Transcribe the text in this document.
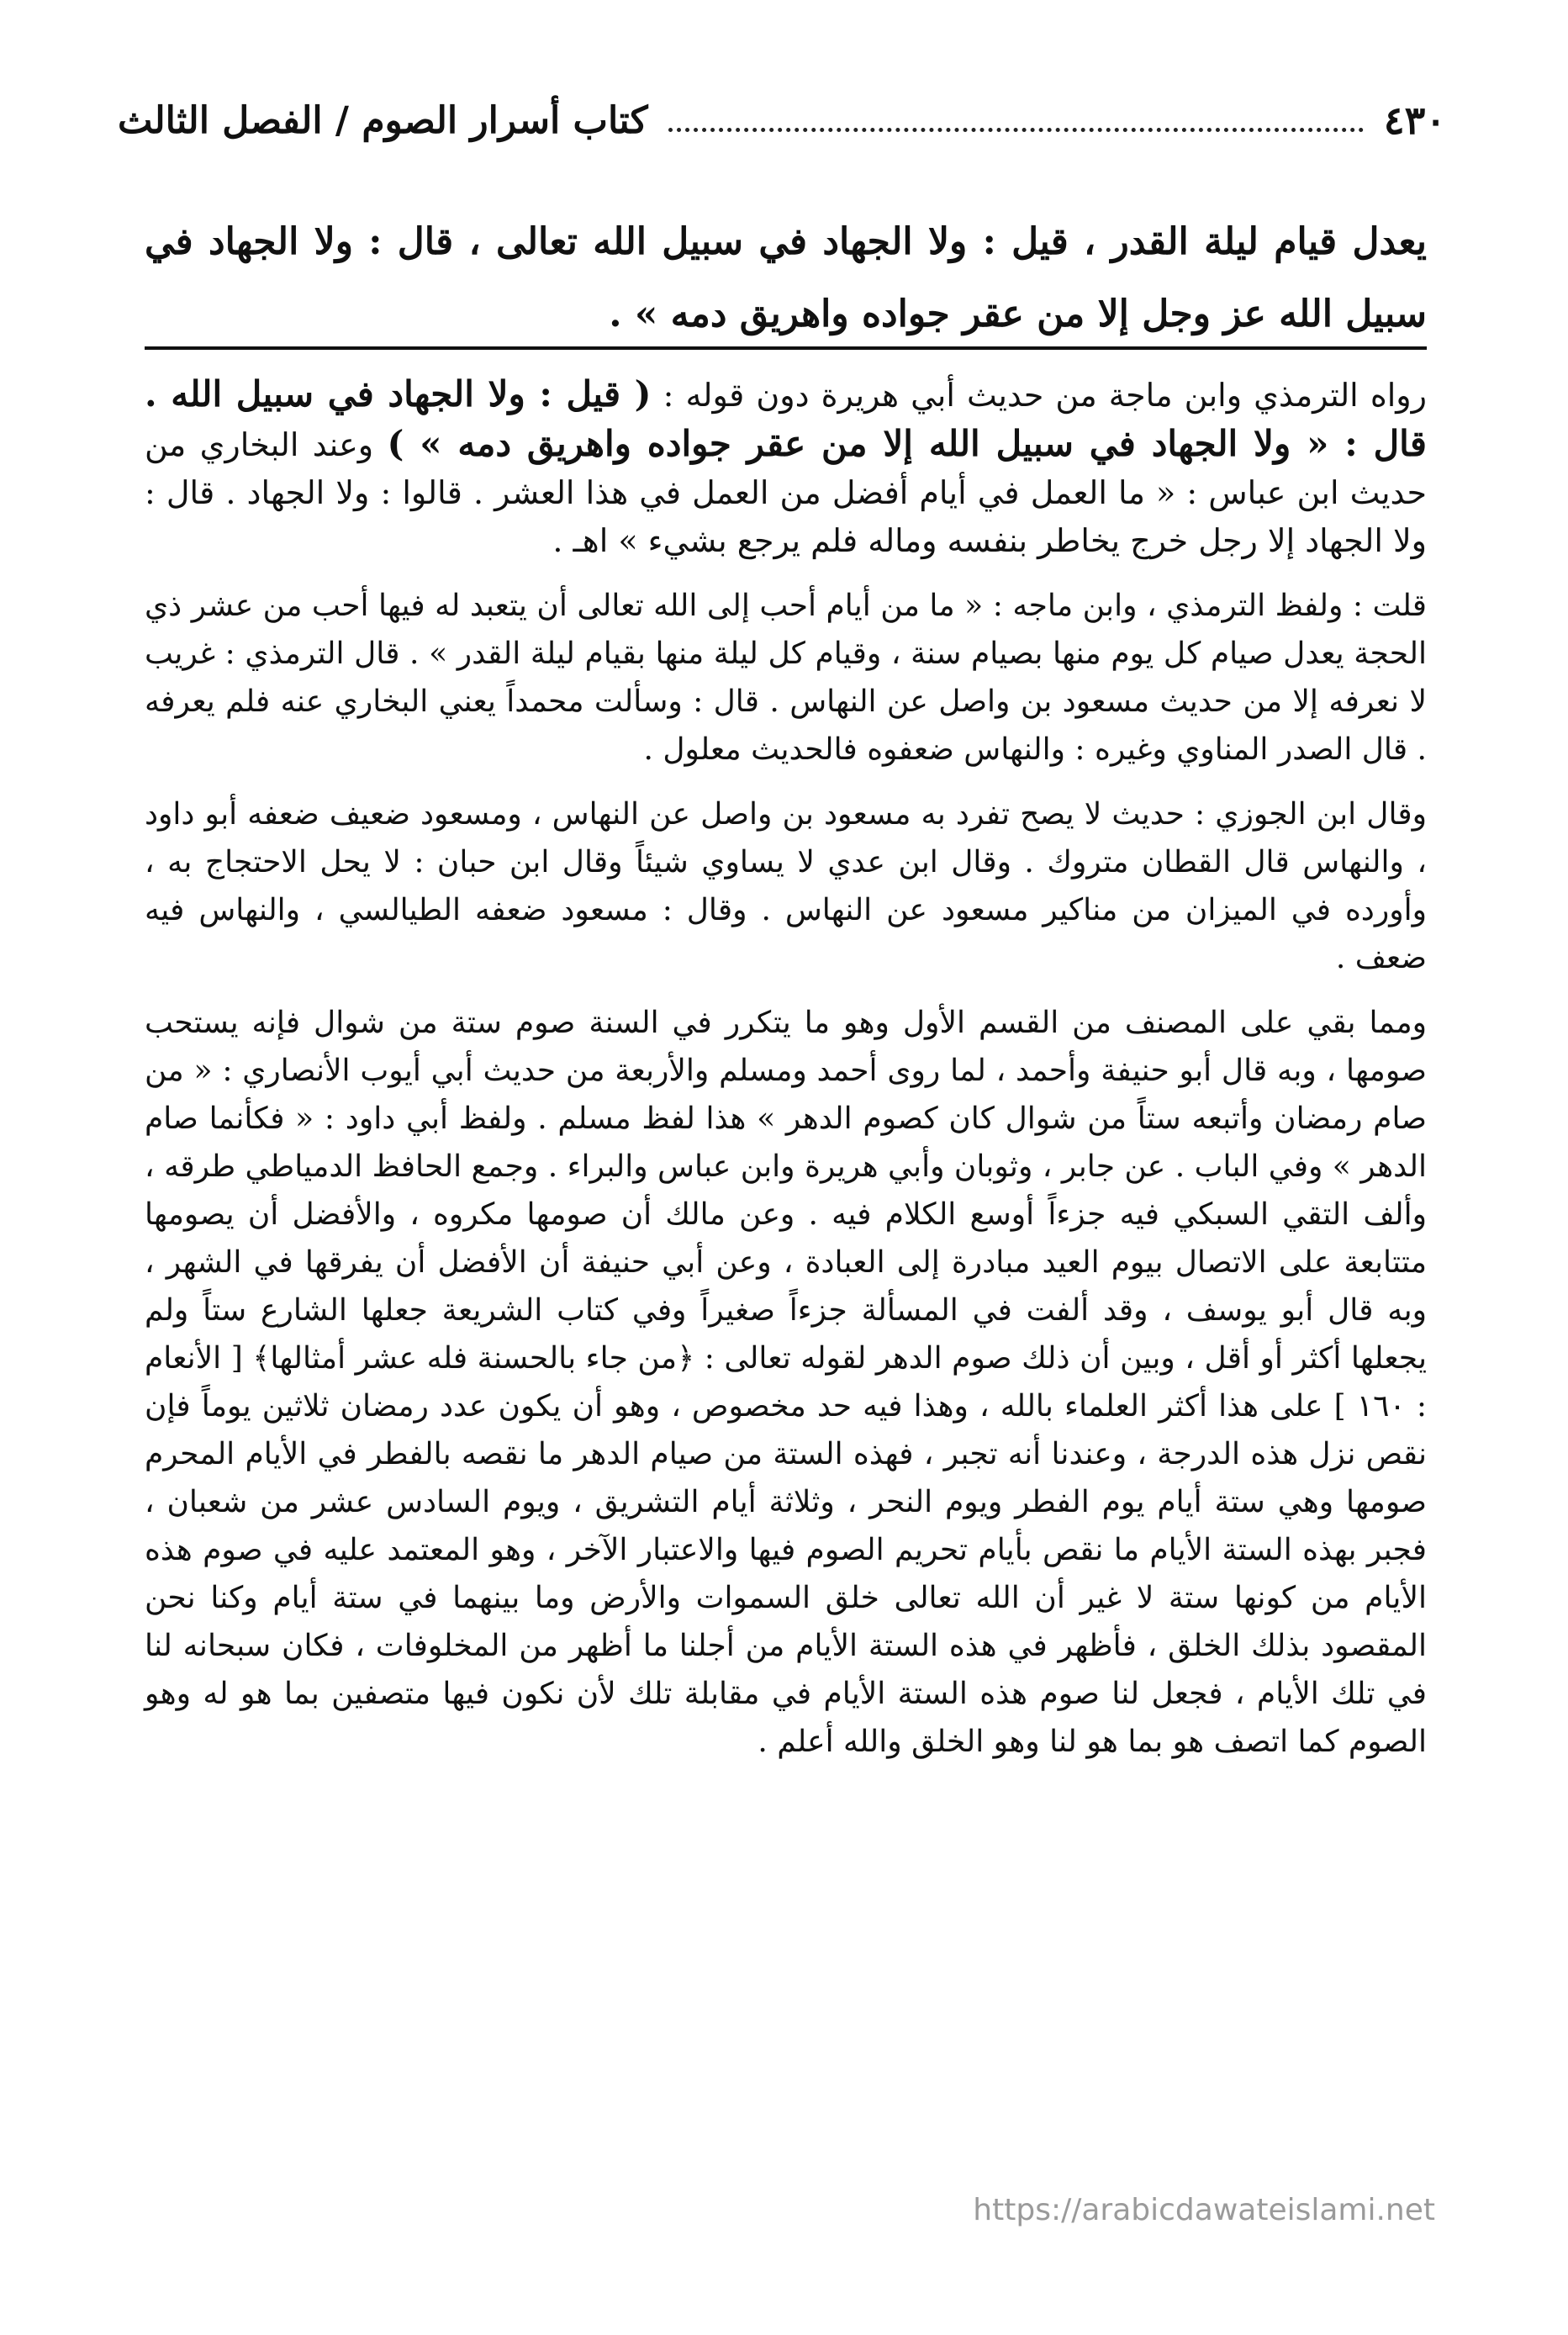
٤٣٠
كتاب أسرار الصوم / الفصل الثالث

يعدل قيام ليلة القدر ، قيل : ولا الجهاد في سبيل الله تعالى ، قال : ولا الجهاد في سبيل الله عز وجل إلا من عقر جواده واهريق دمه » .

رواه الترمذي وابن ماجة من حديث أبي هريرة دون قوله : ( قيل : ولا الجهاد في سبيل الله . قال : « ولا الجهاد في سبيل الله إلا من عقر جواده واهريق دمه » ) وعند البخاري من حديث ابن عباس : « ما العمل في أيام أفضل من العمل في هذا العشر . قالوا : ولا الجهاد . قال : ولا الجهاد إلا رجل خرج يخاطر بنفسه وماله فلم يرجع بشيء » اهـ .

قلت : ولفظ الترمذي ، وابن ماجه : « ما من أيام أحب إلى الله تعالى أن يتعبد له فيها أحب من عشر ذي الحجة يعدل صيام كل يوم منها بصيام سنة ، وقيام كل ليلة منها بقيام ليلة القدر » . قال الترمذي : غريب لا نعرفه إلا من حديث مسعود بن واصل عن النهاس . قال : وسألت محمداً يعني البخاري عنه فلم يعرفه . قال الصدر المناوي وغيره : والنهاس ضعفوه فالحديث معلول .

وقال ابن الجوزي : حديث لا يصح تفرد به مسعود بن واصل عن النهاس ، ومسعود ضعيف ضعفه أبو داود ، والنهاس قال القطان متروك . وقال ابن عدي لا يساوي شيئاً وقال ابن حبان : لا يحل الاحتجاج به ، وأورده في الميزان من مناكير مسعود عن النهاس . وقال : مسعود ضعفه الطيالسي ، والنهاس فيه ضعف .

ومما بقي على المصنف من القسم الأول وهو ما يتكرر في السنة صوم ستة من شوال فإنه يستحب صومها ، وبه قال أبو حنيفة وأحمد ، لما روى أحمد ومسلم والأربعة من حديث أبي أيوب الأنصاري : « من صام رمضان وأتبعه ستاً من شوال كان كصوم الدهر » هذا لفظ مسلم . ولفظ أبي داود : « فكأنما صام الدهر » وفي الباب . عن جابر ، وثوبان وأبي هريرة وابن عباس والبراء . وجمع الحافظ الدمياطي طرقه ، وألف التقي السبكي فيه جزءاً أوسع الكلام فيه . وعن مالك أن صومها مكروه ، والأفضل أن يصومها متتابعة على الاتصال بيوم العيد مبادرة إلى العبادة ، وعن أبي حنيفة أن الأفضل أن يفرقها في الشهر ، وبه قال أبو يوسف ، وقد ألفت في المسألة جزءاً صغيراً وفي كتاب الشريعة جعلها الشارع ستاً ولم يجعلها أكثر أو أقل ، وبين أن ذلك صوم الدهر لقوله تعالى : ﴿من جاء بالحسنة فله عشر أمثالها﴾ [ الأنعام : ١٦٠ ] على هذا أكثر العلماء بالله ، وهذا فيه حد مخصوص ، وهو أن يكون عدد رمضان ثلاثين يوماً فإن نقص نزل هذه الدرجة ، وعندنا أنه تجبر ، فهذه الستة من صيام الدهر ما نقصه بالفطر في الأيام المحرم صومها وهي ستة أيام يوم الفطر ويوم النحر ، وثلاثة أيام التشريق ، ويوم السادس عشر من شعبان ، فجبر بهذه الستة الأيام ما نقص بأيام تحريم الصوم فيها والاعتبار الآخر ، وهو المعتمد عليه في صوم هذه الأيام من كونها ستة لا غير أن الله تعالى خلق السموات والأرض وما بينهما في ستة أيام وكنا نحن المقصود بذلك الخلق ، فأظهر في هذه الستة الأيام من أجلنا ما أظهر من المخلوفات ، فكان سبحانه لنا في تلك الأيام ، فجعل لنا صوم هذه الستة الأيام في مقابلة تلك لأن نكون فيها متصفين بما هو له وهو الصوم كما اتصف هو بما هو لنا وهو الخلق والله أعلم .

https://arabicdawateislami.net
